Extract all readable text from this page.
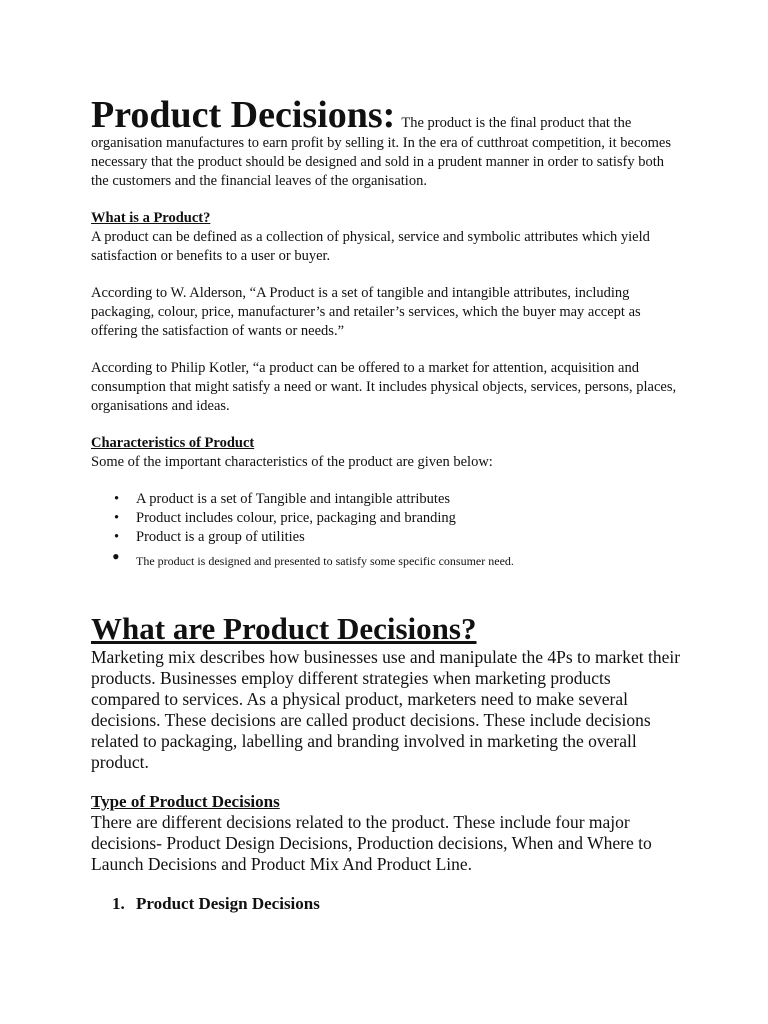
Product Decisions: The product is the final product that the organisation manufactures to earn profit by selling it. In the era of cutthroat competition, it becomes necessary that the product should be designed and sold in a prudent manner in order to satisfy both the customers and the financial leaves of the organisation.

What is a Product?

A product can be defined as a collection of physical, service and symbolic attributes which yield satisfaction or benefits to a user or buyer.

According to W. Alderson, “A Product is a set of tangible and intangible attributes, including packaging, colour, price, manufacturer’s and retailer’s services, which the buyer may accept as offering the satisfaction of wants or needs.”

According to Philip Kotler, “a product can be offered to a market for attention, acquisition and consumption that might satisfy a need or want. It includes physical objects, services, persons, places, organisations and ideas.

Characteristics of Product

Some of the important characteristics of the product are given below:

• A product is a set of Tangible and intangible attributes
• Product includes colour, price, packaging and branding
• Product is a group of utilities
• The product is designed and presented to satisfy some specific consumer need.

What are Product Decisions?

Marketing mix describes how businesses use and manipulate the 4Ps to market their products. Businesses employ different strategies when marketing products compared to services. As a physical product, marketers need to make several decisions. These decisions are called product decisions. These include decisions related to packaging, labelling and branding involved in marketing the overall product.

Type of Product Decisions

There are different decisions related to the product. These include four major decisions- Product Design Decisions, Production decisions, When and Where to Launch Decisions and Product Mix And Product Line.

1. Product Design Decisions
